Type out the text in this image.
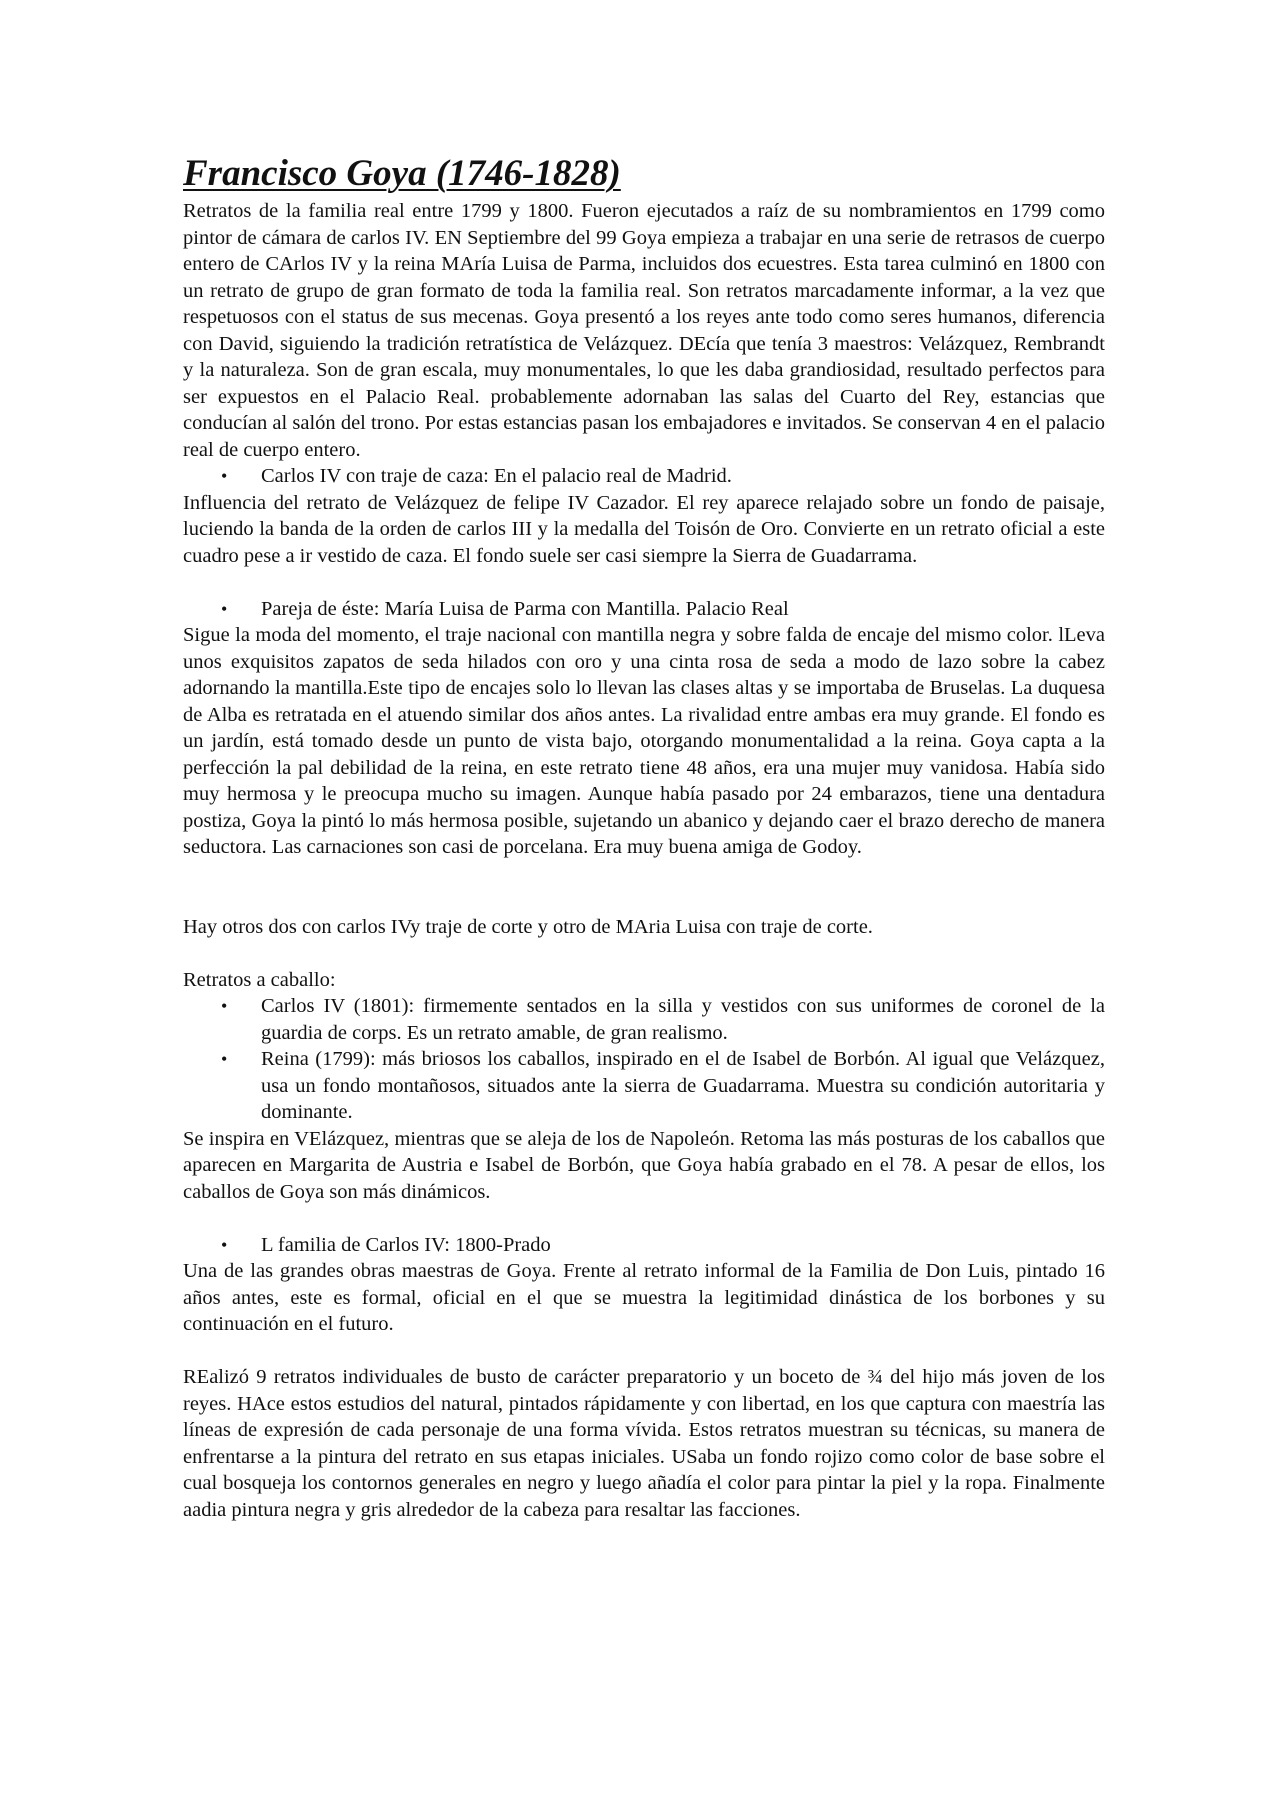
Francisco Goya (1746-1828)

Retratos de la familia real entre 1799 y 1800. Fueron ejecutados a raíz de su nombramientos en 1799 como pintor de cámara de carlos IV. EN Septiembre del 99 Goya empieza a trabajar en una serie de retrasos de cuerpo entero de CArlos IV y la reina MAría Luisa de Parma, incluidos dos ecuestres. Esta tarea culminó en 1800 con un retrato de grupo de gran formato de toda la familia real. Son retratos marcadamente informar, a la vez que respetuosos con el status de sus mecenas. Goya presentó a los reyes ante todo como seres humanos, diferencia con David, siguiendo la tradición retratística de Velázquez. DEcía que tenía 3 maestros: Velázquez, Rembrandt y la naturaleza. Son de gran escala, muy monumentales, lo que les daba grandiosidad, resultado perfectos para ser expuestos en el Palacio Real. probablemente adornaban las salas del Cuarto del Rey, estancias que conducían al salón del trono. Por estas estancias pasan los embajadores e invitados. Se conservan 4 en el palacio real de cuerpo entero.

• Carlos IV con traje de caza: En el palacio real de Madrid.

Influencia del retrato de Velázquez de felipe IV Cazador. El rey aparece relajado sobre un fondo de paisaje, luciendo la banda de la orden de carlos III y la medalla del Toisón de Oro. Convierte en un retrato oficial a este cuadro pese a ir vestido de caza. El fondo suele ser casi siempre la Sierra de Guadarrama.

• Pareja de éste: María Luisa de Parma con Mantilla. Palacio Real

Sigue la moda del momento, el traje nacional con mantilla negra y sobre falda de encaje del mismo color. lLeva unos exquisitos zapatos de seda hilados con oro y una cinta rosa de seda a modo de lazo sobre la cabez adornando la mantilla.Este tipo de encajes solo lo llevan las clases altas y se importaba de Bruselas. La duquesa de Alba es retratada en el atuendo similar dos años antes. La rivalidad entre ambas era muy grande. El fondo es un jardín, está tomado desde un punto de vista bajo, otorgando monumentalidad a la reina. Goya capta a la perfección la pal debilidad de la reina, en este retrato tiene 48 años, era una mujer muy vanidosa. Había sido muy hermosa y le preocupa mucho su imagen. Aunque había pasado por 24 embarazos, tiene una dentadura postiza, Goya la pintó lo más hermosa posible, sujetando un abanico y dejando caer el brazo derecho de manera seductora. Las carnaciones son casi de porcelana. Era muy buena amiga de Godoy.

Hay otros dos con carlos IVy traje de corte y otro de MAria Luisa con traje de corte.

Retratos a caballo:

• Carlos IV (1801): firmemente sentados en la silla y vestidos con sus uniformes de coronel de la guardia de corps. Es un retrato amable, de gran realismo.
• Reina (1799): más briosos los caballos, inspirado en el de Isabel de Borbón. Al igual que Velázquez, usa un fondo montañosos, situados ante la sierra de Guadarrama. Muestra su condición autoritaria y dominante.

Se inspira en VElázquez, mientras que se aleja de los de Napoleón. Retoma las más posturas de los caballos que aparecen en Margarita de Austria e Isabel de Borbón, que Goya había grabado en el 78. A pesar de ellos, los caballos de Goya son más dinámicos.

• L familia de Carlos IV: 1800-Prado

Una de las grandes obras maestras de Goya. Frente al retrato informal de la Familia de Don Luis, pintado 16 años antes, este es formal, oficial en el que se muestra la legitimidad dinástica de los borbones y su continuación en el futuro.

REalizó 9 retratos individuales de busto de carácter preparatorio y un boceto de ¾ del hijo más joven de los reyes. HAce estos estudios del natural, pintados rápidamente y con libertad, en los que captura con maestría las líneas de expresión de cada personaje de una forma vívida. Estos retratos muestran su técnicas, su manera de enfrentarse a la pintura del retrato en sus etapas iniciales. USaba un fondo rojizo como color de base sobre el cual bosqueja los contornos generales en negro y luego añadía el color para pintar la piel y la ropa. Finalmente aadia pintura negra y gris alrededor de la cabeza para resaltar las facciones.
